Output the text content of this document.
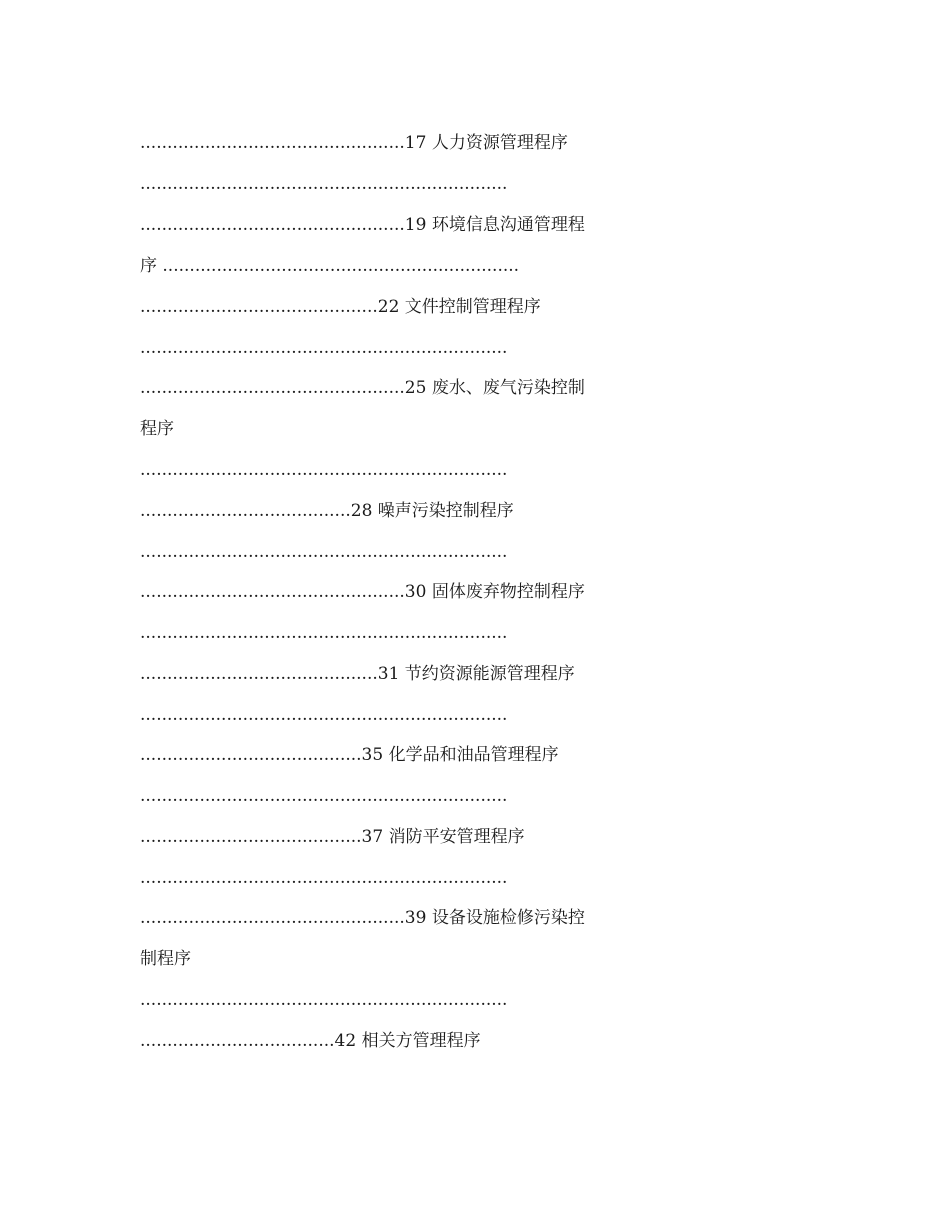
.................................................17 人力资源管理程序
....................................................................
.................................................19 环境信息沟通管理程
序 ..................................................................
............................................22 文件控制管理程序
....................................................................
.................................................25 废水、废气污染控制
程序
....................................................................
.......................................28 噪声污染控制程序
....................................................................
.................................................30 固体废弃物控制程序
....................................................................
............................................31 节约资源能源管理程序
....................................................................
.........................................35 化学品和油品管理程序
....................................................................
.........................................37 消防平安管理程序
....................................................................
.................................................39 设备设施检修污染控
制程序
....................................................................
....................................42 相关方管理程序
